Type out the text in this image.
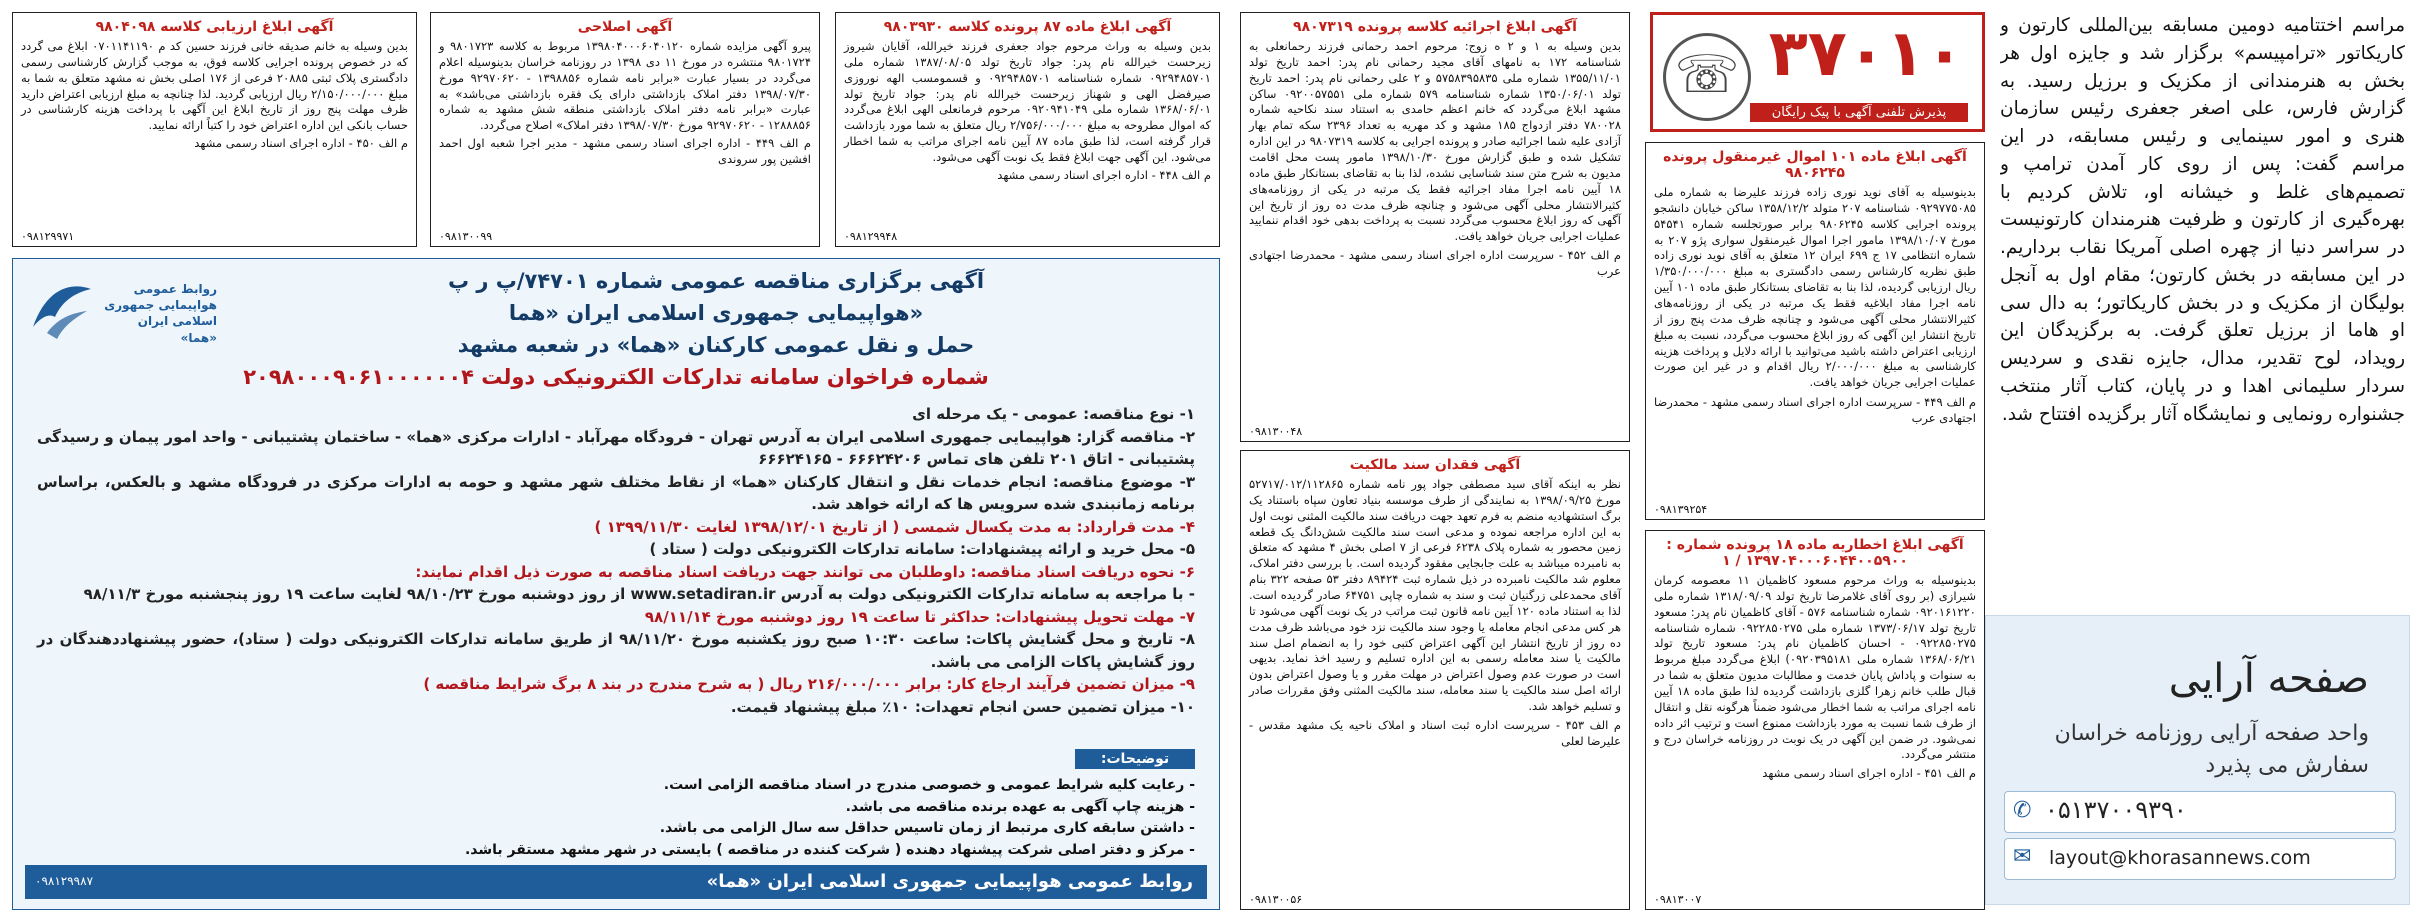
مراسم اختتامیه دومین مسابقه بین‌المللی کارتون و کاریکاتور «ترامپیسم» برگزار شد و جایزه اول هر بخش به هنرمندانی از مکزیک و برزیل رسید. به گزارش فارس، علی اصغر جعفری رئیس سازمان هنری و امور سینمایی و رئیس مسابقه، در این مراسم گفت: پس از روی کار آمدن ترامپ و تصمیم‌های غلط و خیشانه او، تلاش کردیم با بهره‌گیری از کارتون و ظرفیت هنرمندان کارتونیست در سراسر دنیا از چهره اصلی آمریکا نقاب برداریم. در این مسابقه در بخش کارتون؛ مقام اول به آنجل بولیگان از مکزیک و در بخش کاریکاتور؛ به دال سی او هاما از برزیل تعلق گرفت. به برگزیدگان این رویداد، لوح تقدیر، مدال، جایزه نقدی و سردیس سردار سلیمانی اهدا و در پایان، کتاب آثار منتخب جشنواره رونمایی و نمایشگاه آثار برگزیده افتتاح شد.

صفحه آرایی
واحد صفحه آرایی روزنامه خراسان سفارش می پذیرد
✆ ۰۵۱۳۷۰۰۹۳۹۰
✉ layout@khorasannews.com
☏ ۳۷۰۱۰
پذیرش تلفنی آگهی با پیک رایگان

آگهی ابلاغ ماده ۱۰۱ اموال غیرمنقول پرونده ۹۸۰۶۲۴۵

بدینوسیله به آقای نوید نوری زاده فرزند علیرضا به شماره ملی ۰۹۲۹۷۷۵۰۸۵ شناسنامه ۲۰۷ متولد ۱۳۵۸/۱۲/۲ ساکن خیابان دانشجو پرونده اجرایی کلاسه ۹۸۰۶۲۴۵ برابر صورتجلسه شماره ۵۴۵۴۱ مورخ ۱۳۹۸/۱۰/۰۷ مامور اجرا اموال غیرمنقول سواری پژو ۲۰۷ به شماره انتظامی ۱۷ ج ۶۹۹ ایران ۱۲ متعلق به آقای نوید نوری زاده طبق نظریه کارشناس رسمی دادگستری به مبلغ ۱/۳۵۰/۰۰۰/۰۰۰ ریال ارزیابی گردیده، لذا بنا به تقاضای بستانکار طبق ماده ۱۰۱ آیین نامه اجرا مفاد ابلاغیه فقط یک مرتبه در یکی از روزنامه‌های کثیرالانتشار محلی آگهی می‌شود و چنانچه ظرف مدت پنج روز از تاریخ انتشار این آگهی که روز ابلاغ محسوب می‌گردد، نسبت به مبلغ ارزیابی اعتراض داشته باشید می‌توانید با ارائه دلایل و پرداخت هزینه کارشناسی به مبلغ ۲/۰۰۰/۰۰۰ ریال اقدام و در غیر این صورت عملیات اجرایی جریان خواهد یافت.

م الف ۴۴۹ - سرپرست اداره اجرای اسناد رسمی مشهد - محمدرضا اجتهادی عرب

۰۹۸۱۳۹۲۵۴

آگهی ابلاغ اخطاریه ماده ۱۸ پرونده شماره :

۱۳۹۷۰۴۰۰۰۶۰۴۴۰۰۵۹۰۰ / ۱

بدینوسیله به وراث مرحوم مسعود کاظمیان ۱۱ معصومه کرمان شیرازی (بر روی آقای غلامرضا تاریخ تولد ۱۳۱۸/۰۹/۰۹ شماره ملی ۰۹۲۰۱۶۱۲۲۰ شماره شناسنامه ۵۷۶ - آقای کاظمیان نام پدر: مسعود تاریخ تولد ۱۳۷۳/۰۶/۱۷ شماره ملی ۰۹۲۲۸۵۰۲۷۵ شماره شناسنامه ۰۹۲۲۸۵۰۲۷۵ - احسان کاظمیان نام پدر: مسعود تاریخ تولد ۱۳۶۸/۰۶/۲۱ شماره ملی ۰۹۲۰۳۹۵۱۸۱) ابلاغ می‌گردد مبلغ مربوط به سنوات و پاداش پایان خدمت و مطالبات مدیون متعلق به شما در قبال طلب خانم زهرا گلزی بازداشت گردیده لذا طبق ماده ۱۸ آیین نامه اجرای مراتب به شما اخطار می‌شود ضمناً هرگونه نقل و انتقال از طرف شما نسبت به مورد بازداشت ممنوع است و ترتیب اثر داده نمی‌شود. در ضمن این آگهی در یک نوبت در روزنامه خراسان درج و منتشر می‌گردد.

م الف ۴۵۱ - اداره اجرای اسناد رسمی مشهد

۰۹۸۱۳۰۰۷

آگهی ابلاغ اجرائیه کلاسه پرونده ۹۸۰۷۳۱۹

بدین وسیله به ۱ و ۲ ه زوج: مرحوم احمد رحمانی فرزند رحمانعلی به شناسنامه ۱۷۲ به نامهای آقای مجید رحمانی نام پدر: احمد تاریخ تولد ۱۳۵۵/۱۱/۰۱ شماره ملی ۵۷۵۸۳۹۵۸۳۵ و ۲ علی رحمانی نام پدر: احمد تاریخ تولد ۱۳۵۰/۰۶/۰۱ شماره شناسنامه ۵۷۹ شماره ملی ۰۹۲۰۰۵۷۵۵۱ ساکن مشهد ابلاغ می‌گردد که خانم اعظم حامدی به استناد سند نکاحیه شماره ۷۸۰۰۲۸ دفتر ازدواج ۱۸۵ مشهد و کد مهریه به تعداد ۲۳۹۶ سکه تمام بهار آزادی علیه شما اجرائیه صادر و پرونده اجرایی به کلاسه ۹۸۰۷۳۱۹ در این اداره تشکیل شده و طبق گزارش مورخ ۱۳۹۸/۱۰/۳۰ مامور پست محل اقامت مدیون به شرح متن سند شناسایی نشده، لذا بنا به تقاضای بستانکار طبق ماده ۱۸ آیین نامه اجرا مفاد اجرائیه فقط یک مرتبه در یکی از روزنامه‌های کثیرالانتشار محلی آگهی می‌شود و چنانچه ظرف مدت ده روز از تاریخ این آگهی که روز ابلاغ محسوب می‌گردد نسبت به پرداخت بدهی خود اقدام ننمایید عملیات اجرایی جریان خواهد یافت.

م الف ۴۵۲ - سرپرست اداره اجرای اسناد رسمی مشهد - محمدرضا اجتهادی عرب

۰۹۸۱۳۰۰۴۸

آگهی فقدان سند مالکیت

نظر به اینکه آقای سید مصطفی جواد پور نامه شماره ۵۲۷۱۷/۰۱۲/۱۱۲۸۶۵ مورخ ۱۳۹۸/۰۹/۲۵ به نمایندگی از طرف موسسه بنیاد تعاون سپاه باستناد یک برگ استشهادیه منضم به فرم تعهد جهت دریافت سند مالکیت المثنی نوبت اول به این اداره مراجعه نموده و مدعی است سند مالکیت شش‌دانگ یک قطعه زمین محصور به شماره پلاک ۶۲۳۸ فرعی از ۷ اصلی بخش ۴ مشهد که متعلق به نامبرده میباشد به علت جابجایی مفقود گردیده است. با بررسی دفتر املاک، معلوم شد مالکیت نامبرده در ذیل شماره ثبت ۸۹۴۲۴ دفتر ۵۳ صفحه ۳۲۲ بنام آقای محمدعلی زرگنیان ثبت و سند به شماره چاپی ۶۴۷۵۱ صادر گردیده است. لذا به استناد ماده ۱۲۰ آیین نامه قانون ثبت مراتب در یک نوبت آگهی می‌شود تا هر کس مدعی انجام معامله یا وجود سند مالکیت نزد خود می‌باشد ظرف مدت ده روز از تاریخ انتشار این آگهی اعتراض کتبی خود را به انضمام اصل سند مالکیت یا سند معامله رسمی به این اداره تسلیم و رسید اخذ نماید. بدیهی است در صورت عدم وصول اعتراض در مهلت مقرر و یا وصول اعتراض بدون ارائه اصل سند مالکیت یا سند معامله، سند مالکیت المثنی وفق مقررات صادر و تسلیم خواهد شد.

م الف ۴۵۳ - سرپرست اداره ثبت اسناد و املاک ناحیه یک مشهد مقدس - علیرضا لعلی

۰۹۸۱۳۰۰۵۶

آگهی ابلاغ ماده ۸۷ پرونده کلاسه ۹۸۰۳۹۳۰

بدین وسیله به وراث مرحوم جواد جعفری فرزند خیرالله، آقایان شیروز زیرحست خیرالله نام پدر: جواد تاریخ تولد ۱۳۸۷/۰۸/۰۵ شماره ملی ۰۹۲۹۴۸۵۷۰۱ شماره شناسنامه ۰۹۲۹۴۸۵۷۰۱ و قسمومسب الهه نوروزی صیرفضل الهی و شهناز زیرحست خیرالله نام پدر: جواد تاریخ تولد ۱۳۶۸/۰۶/۰۱ شماره ملی ۰۹۲۰۹۴۱۰۴۹ مرحوم فرمانعلی الهی ابلاغ می‌گردد که اموال مطروحه به مبلغ ۲/۷۵۶/۰۰۰/۰۰۰ ریال متعلق به شما مورد بازداشت قرار گرفته است، لذا طبق ماده ۸۷ آیین نامه اجرای مراتب به شما اخطار می‌شود. این آگهی جهت ابلاغ فقط یک نوبت آگهی می‌شود.

م الف ۴۴۸ - اداره اجرای اسناد رسمی مشهد

۰۹۸۱۲۹۹۴۸

آگهی اصلاحی

پیرو آگهی مزایده شماره ۱۳۹۸۰۴۰۰۰۶۰۴۰۱۲۰ مربوط به کلاسه ۹۸۰۱۷۲۳ و ۹۸۰۱۷۲۴ منتشره در مورخ ۱۱ دی ۱۳۹۸ در روزنامه خراسان بدینوسیله اعلام می‌گردد در بسیار عبارت «برابر نامه شماره ۱۳۹۸۸۵۶ - ۹۲۹۷۰۶۲۰ مورخ ۱۳۹۸/۰۷/۳۰ دفتر املاک بازداشتی دارای یک فقره بازداشتی می‌باشد» به عبارت «برابر نامه دفتر املاک بازداشتی منطقه شش مشهد به شماره ۱۲۸۸۸۵۶ - ۹۲۹۷۰۶۲۰ مورخ ۱۳۹۸/۰۷/۳۰ دفتر املاک» اصلاح می‌گردد.

م الف ۴۴۹ - اداره اجرای اسناد رسمی مشهد - مدیر اجرا شعبه اول احمد افشین پور سروندی

۰۹۸۱۳۰۰۹۹

آگهی ابلاغ ارزیابی کلاسه ۹۸۰۴۰۹۸

بدین وسیله به خانم صدیقه خانی فرزند حسین کد م ۰۷۰۱۱۴۱۱۹۰ ابلاغ می گردد که در خصوص پرونده اجرایی کلاسه فوق، به موجب گزارش کارشناسی رسمی دادگستری پلاک ثبتی ۲۰۸۸۵ فرعی از ۱۷۶ اصلی بخش نه مشهد متعلق به شما به مبلغ ۲/۱۵۰/۰۰۰/۰۰۰ ریال ارزیابی گردید. لذا چنانچه به مبلغ ارزیابی اعتراض دارید ظرف مهلت پنج روز از تاریخ ابلاغ این آگهی با پرداخت هزینه کارشناسی در حساب بانکی این اداره اعتراض خود را کتباً ارائه نمایید.

م الف ۴۵۰ - اداره اجرای اسناد رسمی مشهد

۰۹۸۱۲۹۹۷۱
روابط عمومی هواپیمایی جمهوری اسلامی ایران «هما»
آگهی برگزاری مناقصه عمومی شماره ۷۴۷۰۱/پ ر پ
هواپیمایی جمهوری اسلامی ایران «هما»
حمل و نقل عمومی کارکنان «هما» در شعبه مشهد
شماره فراخوان سامانه تدارکات الکترونیکی دولت ۲۰۹۸۰۰۰۹۰۶۱۰۰۰۰۰۰۴

۱- نوع مناقصه: عمومی - یک مرحله ای

۲- مناقصه گزار: هواپیمایی جمهوری اسلامی ایران به آدرس تهران - فرودگاه مهرآباد - ادارات مرکزی «هما» - ساختمان پشتیبانی - واحد امور پیمان و رسیدگی پشتیبانی - اتاق ۲۰۱ تلفن های تماس ۶۶۶۲۴۲۰۶ - ۶۶۶۲۴۱۶۵

۳- موضوع مناقصه: انجام خدمات نقل و انتقال کارکنان «هما» از نقاط مختلف شهر مشهد و حومه به ادارات مرکزی در فرودگاه مشهد و بالعکس، براساس برنامه زمانبندی شده سرویس ها که ارائه خواهد شد.

۴- مدت قرارداد: به مدت یکسال شمسی ( از تاریخ ۱۳۹۸/۱۲/۰۱ لغایت ۱۳۹۹/۱۱/۳۰ )

۵- محل خرید و ارائه پیشنهادات: سامانه تدارکات الکترونیکی دولت ( ستاد )

۶- نحوه دریافت اسناد مناقصه: داوطلبان می توانند جهت دریافت اسناد مناقصه به صورت ذیل اقدام نمایند:

- با مراجعه به سامانه تدارکات الکترونیکی دولت به آدرس www.setadiran.ir از روز دوشنبه مورخ ۹۸/۱۰/۲۳ لغایت ساعت ۱۹ روز پنجشنبه مورخ ۹۸/۱۱/۳

۷- مهلت تحویل پیشنهادات: حداکثر تا ساعت ۱۹ روز دوشنبه مورخ ۹۸/۱۱/۱۴

۸- تاریخ و محل گشایش پاکات: ساعت ۱۰:۳۰ صبح روز یکشنبه مورخ ۹۸/۱۱/۲۰ از طریق سامانه تدارکات الکترونیکی دولت ( ستاد)، حضور پیشنهاددهندگان در روز گشایش پاکات الزامی می باشد.

۹- میزان تضمین فرآیند ارجاع کار: برابر ۲۱۶/۰۰۰/۰۰۰ ریال ( به شرح مندرج در بند ۸ برگ شرایط مناقصه )

۱۰- میزان تضمین حسن انجام تعهدات: ۱۰٪ مبلغ پیشنهاد قیمت.

توضیحات:

- رعایت کلیه شرایط عمومی و خصوصی مندرج در اسناد مناقصه الزامی است.

- هزینه چاپ آگهی به عهده برنده مناقصه می باشد.

- داشتن سابقه کاری مرتبط از زمان تاسیس حداقل سه سال الزامی می باشد.

- مرکز و دفتر اصلی شرکت پیشنهاد دهنده ( شرکت کننده در مناقصه ) بایستی در شهر مشهد مستقر باشد.

روابط عمومی هواپیمایی جمهوری اسلامی ایران «هما»
۰۹۸۱۲۹۹۸۷
